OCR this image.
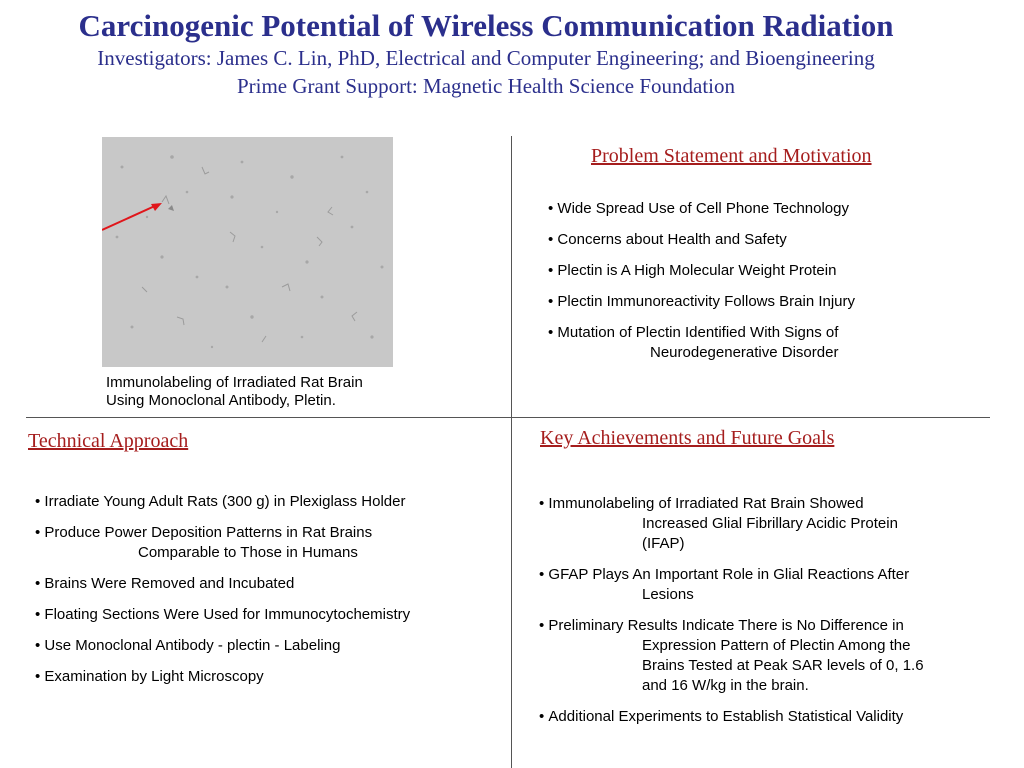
Carcinogenic Potential of Wireless Communication Radiation
Investigators: James C. Lin, PhD, Electrical and Computer Engineering; and Bioengineering
Prime Grant Support: Magnetic Health Science Foundation
Immunolabeling of Irradiated Rat Brain
Using Monoclonal Antibody, Pletin.
Problem Statement and Motivation
• Wide Spread Use of Cell Phone Technology
• Concerns about Health and Safety
• Plectin is A High Molecular Weight Protein
• Plectin Immunoreactivity Follows Brain Injury
• Mutation of Plectin Identified With Signs of
Neurodegenerative Disorder
Technical Approach
• Irradiate Young Adult Rats (300 g) in Plexiglass Holder
• Produce Power Deposition Patterns in Rat Brains
Comparable to Those in Humans
• Brains Were Removed and Incubated
• Floating Sections Were Used for Immunocytochemistry
• Use Monoclonal Antibody - plectin - Labeling
• Examination by Light Microscopy
Key Achievements and Future Goals
• Immunolabeling of Irradiated Rat Brain Showed
Increased Glial Fibrillary Acidic Protein
(IFAP)
• GFAP Plays An Important Role in Glial Reactions After
Lesions
• Preliminary Results Indicate There is No Difference in
Expression Pattern of Plectin Among the
Brains Tested at Peak SAR levels of 0, 1.6
and 16 W/kg in the brain.
• Additional Experiments to Establish Statistical Validity
